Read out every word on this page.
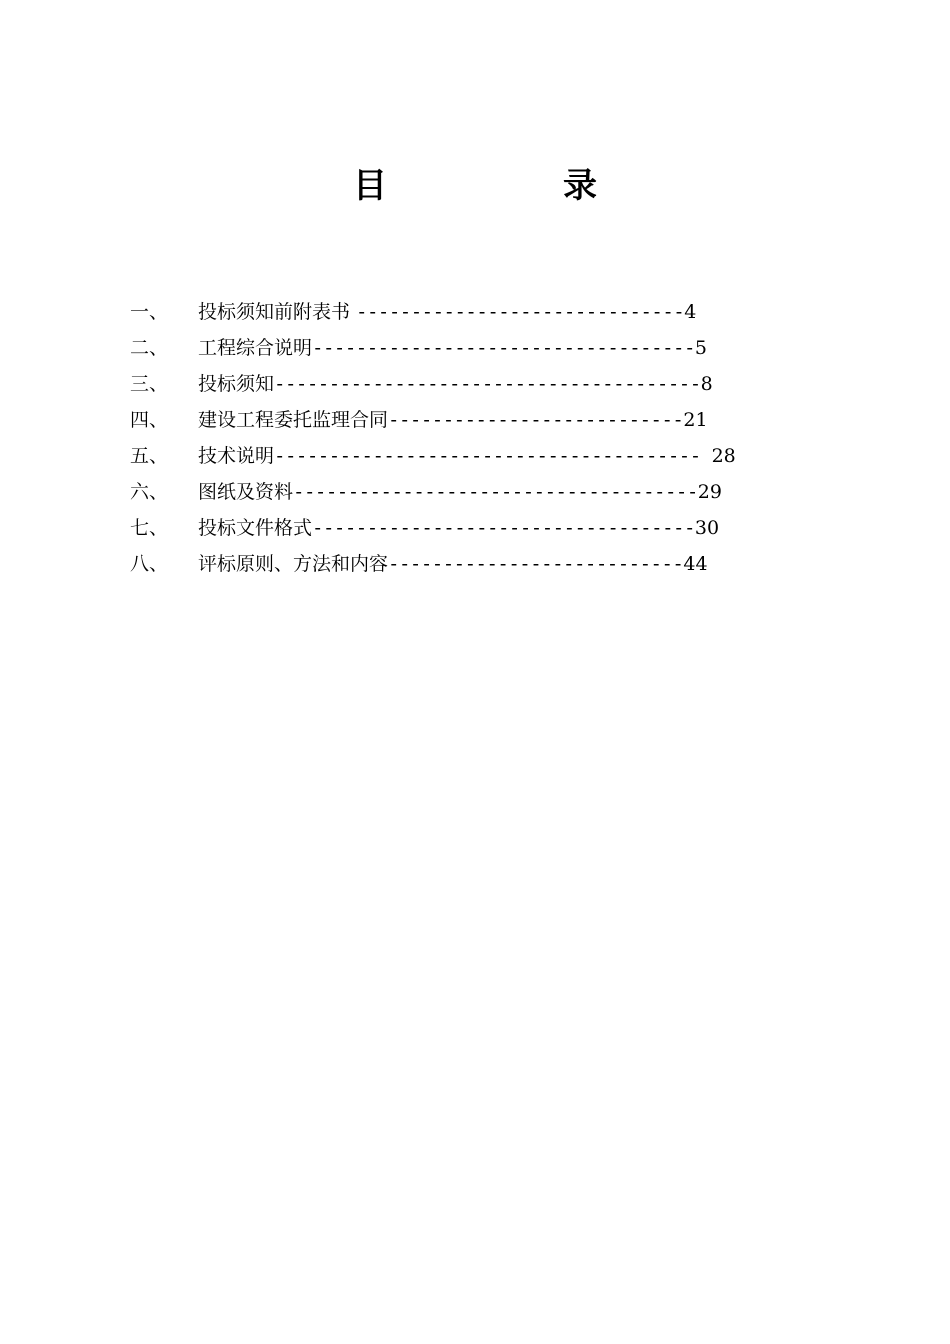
目	录
一、 投标须知前附表书 ------------------------------4
二、 工程综合说明-----------------------------------5
三、 投标须知---------------------------------------8
四、 建设工程委托监理合同---------------------------21
五、 技术说明--------------------------------------- 28
六、 图纸及资料-------------------------------------29
七、 投标文件格式-----------------------------------30
八、 评标原则、方法和内容---------------------------44
